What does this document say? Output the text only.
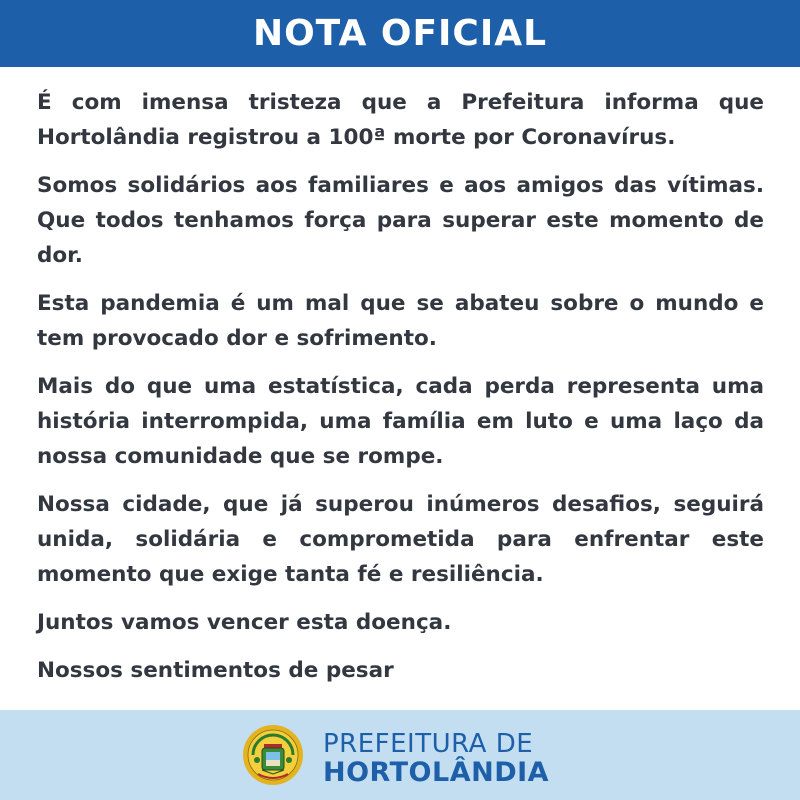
NOTA OFICIAL

É com imensa tristeza que a Prefeitura informa que Hortolândia registrou a 100ª morte por Coronavírus.

Somos solidários aos familiares e aos amigos das vítimas. Que todos tenhamos força para superar este momento de dor.

Esta pandemia é um mal que se abateu sobre o mundo e tem provocado dor e sofrimento.

Mais do que uma estatística, cada perda representa uma história interrompida, uma família em luto e uma laço da nossa comunidade que se rompe.

Nossa cidade, que já superou inúmeros desafios, seguirá unida, solidária e comprometida para enfrentar este momento que exige tanta fé e resiliência.

Juntos vamos vencer esta doença.

Nossos sentimentos de pesar

PREFEITURA DE
HORTOLÂNDIA
